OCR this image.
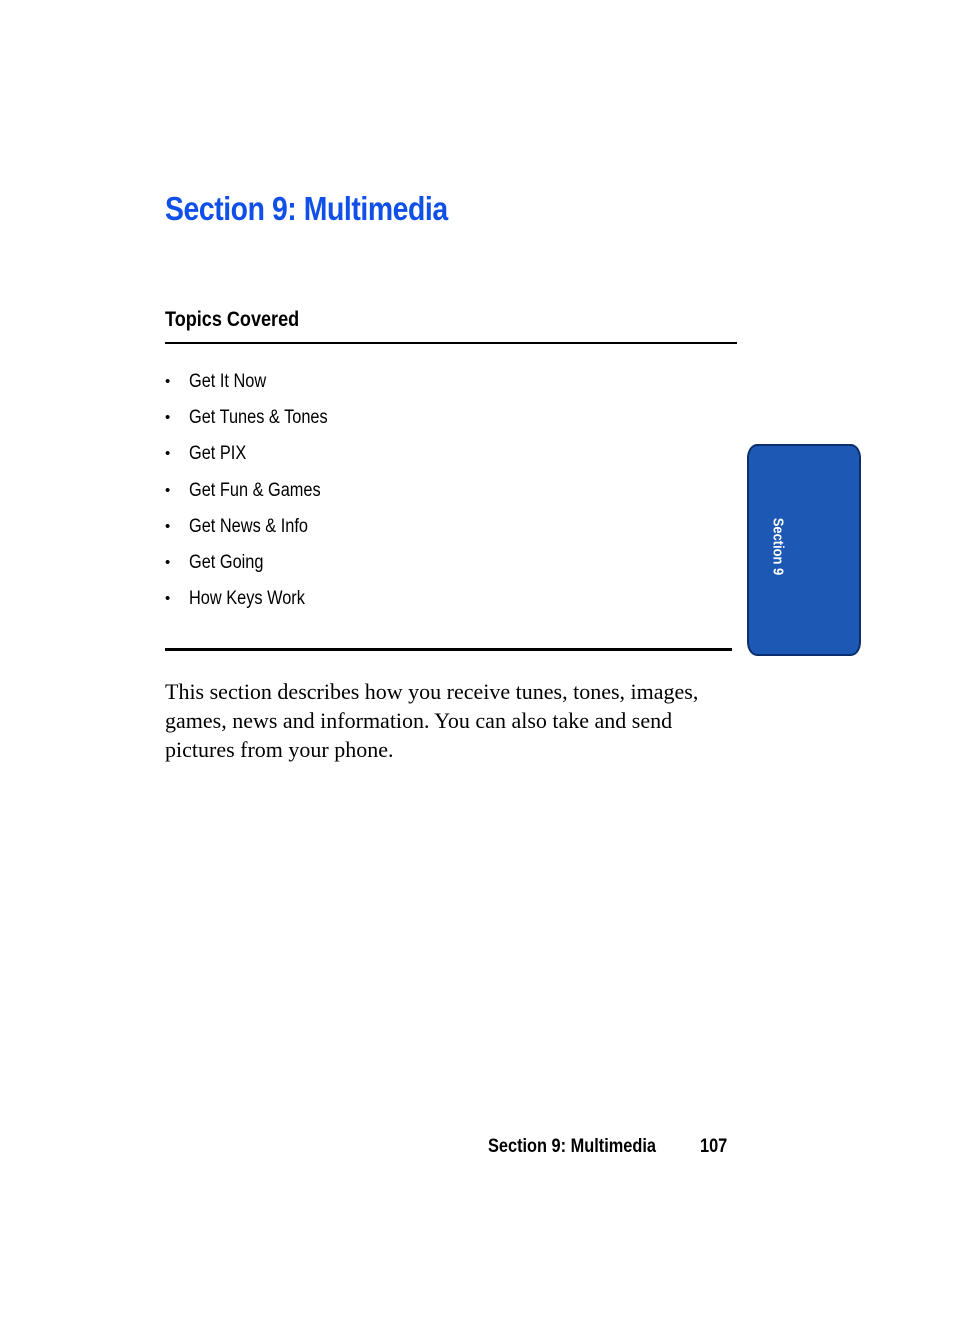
Section 9: Multimedia
Topics Covered
• Get It Now
• Get Tunes & Tones
• Get PIX
• Get Fun & Games
• Get News & Info
• Get Going
• How Keys Work

This section describes how you receive tunes, tones, images, games, news and information. You can also take and send pictures from your phone.

Section 9
Section 9: Multimedia 107
